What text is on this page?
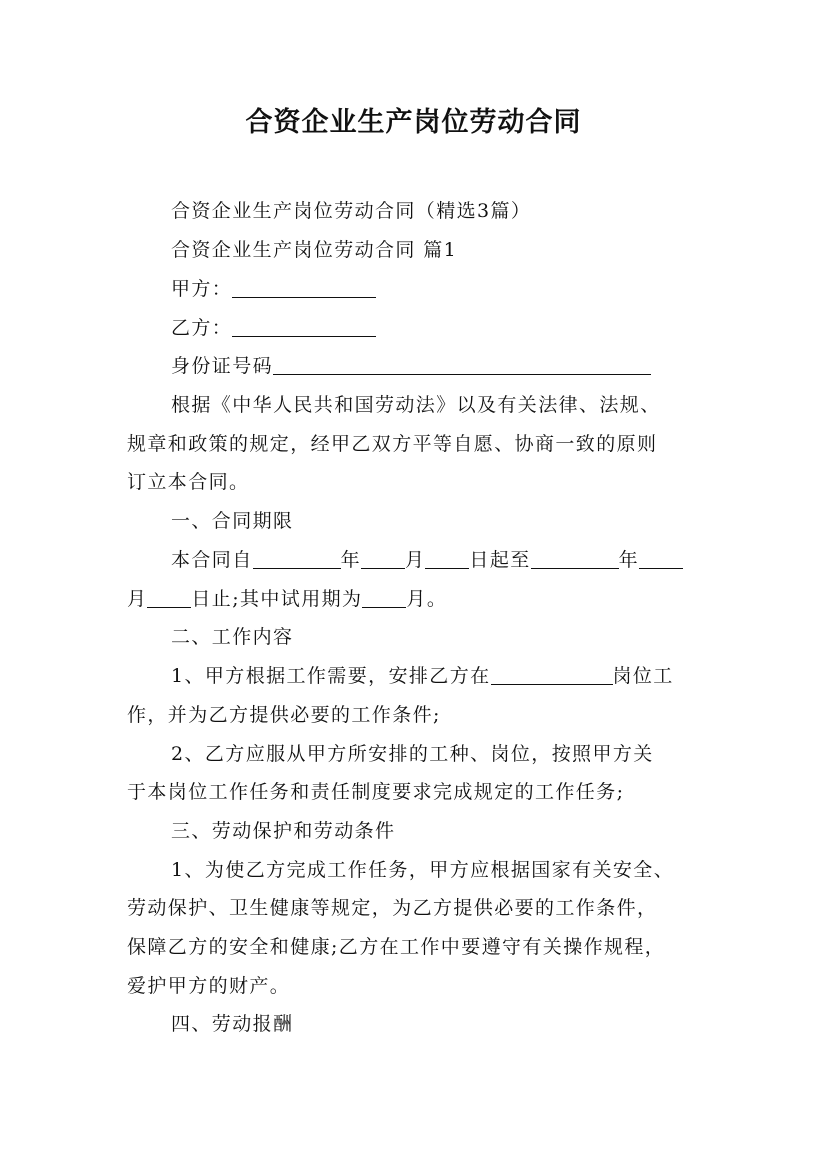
合资企业生产岗位劳动合同
合资企业生产岗位劳动合同（精选3篇）
合资企业生产岗位劳动合同 篇1
甲方：
乙方：
身份证号码
根据《中华人民共和国劳动法》以及有关法律、法规、
规章和政策的规定，经甲乙双方平等自愿、协商一致的原则
订立本合同。
一、合同期限
本合同自	年 月 日起至	年
月 日止;其中试用期为 月。
二、工作内容
1、甲方根据工作需要，安排乙方在	岗位工
作，并为乙方提供必要的工作条件;
2、乙方应服从甲方所安排的工种、岗位，按照甲方关
于本岗位工作任务和责任制度要求完成规定的工作任务;
三、劳动保护和劳动条件
1、为使乙方完成工作任务，甲方应根据国家有关安全、
劳动保护、卫生健康等规定，为乙方提供必要的工作条件，
保障乙方的安全和健康;乙方在工作中要遵守有关操作规程，
爱护甲方的财产。
四、劳动报酬
